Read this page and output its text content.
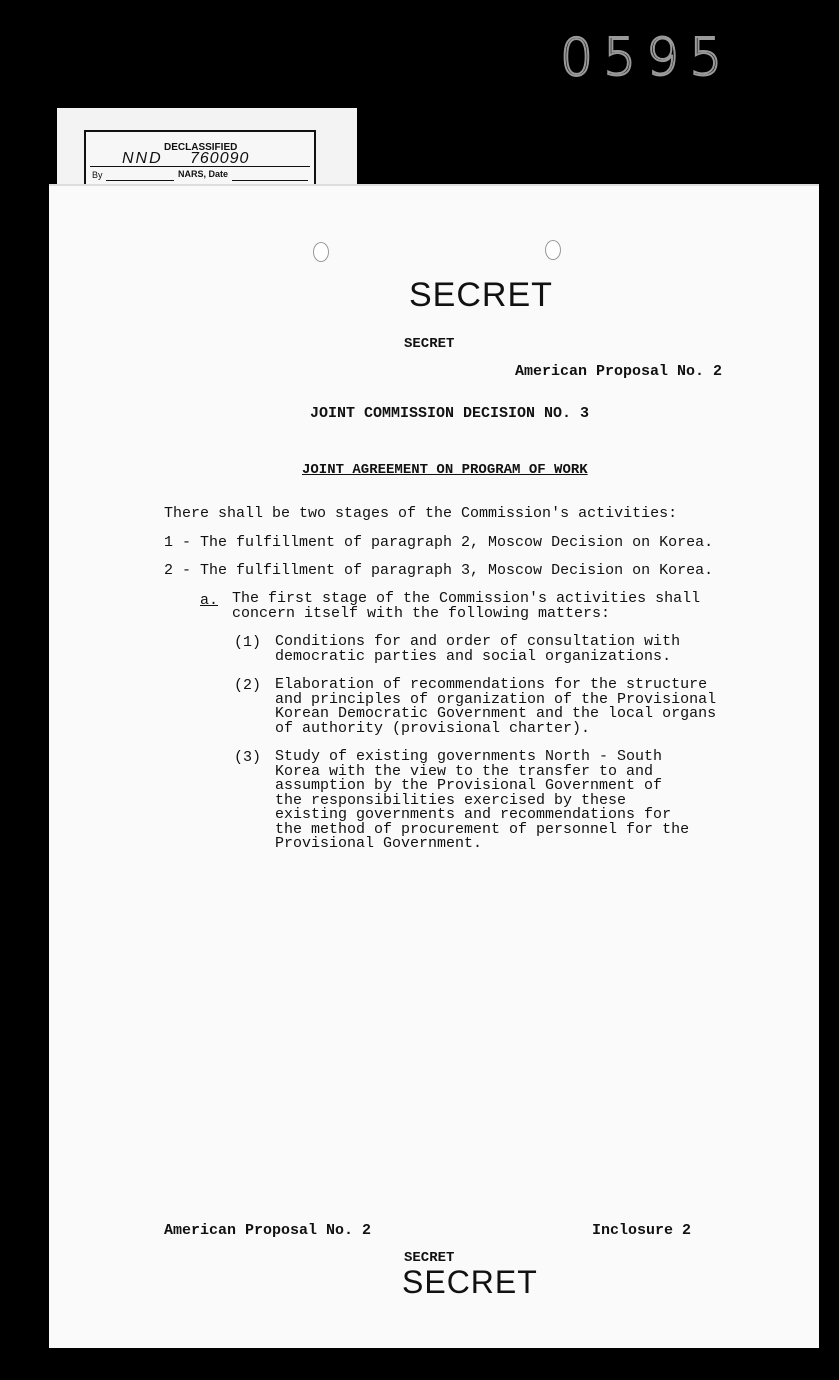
0595
DECLASSIFIED
NND 760090
By	NARS, Date
SECRET
SECRET
American Proposal No. 2
JOINT COMMISSION DECISION NO. 3
JOINT AGREEMENT ON PROGRAM OF WORK
There shall be two stages of the Commission's activities:
1 - The fulfillment of paragraph 2, Moscow Decision on Korea.
2 - The fulfillment of paragraph 3, Moscow Decision on Korea.
a. The first stage of the Commission's activities shall
concern itself with the following matters:
(1) Conditions for and order of consultation with
democratic parties and social organizations.
(2) Elaboration of recommendations for the structure
and principles of organization of the Provisional
Korean Democratic Government and the local organs
of authority (provisional charter).
(3) Study of existing governments North - South
Korea with the view to the transfer to and
assumption by the Provisional Government of
the responsibilities exercised by these
existing governments and recommendations for
the method of procurement of personnel for the
Provisional Government.
American Proposal No. 2	Inclosure 2
SECRET
SECRET
